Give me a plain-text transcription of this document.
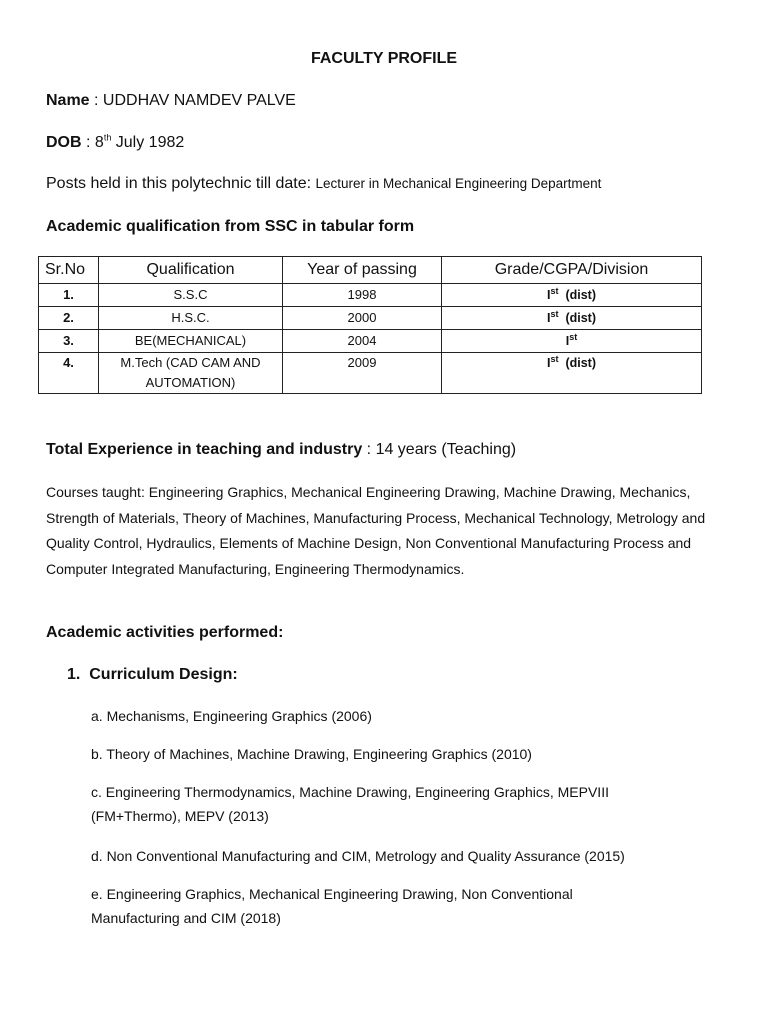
FACULTY PROFILE
Name : UDDHAV NAMDEV PALVE
DOB : 8th July 1982
Posts held in this polytechnic till date: Lecturer in Mechanical Engineering Department
Academic qualification from SSC in tabular form
Sr.No	Qualification	Year of passing	Grade/CGPA/Division
1.	S.S.C	1998	Ist  (dist)
2.	H.S.C.	2000	Ist  (dist)
3.	BE(MECHANICAL)	2004	Ist
4.	M.Tech (CAD CAM AND AUTOMATION)	2009	Ist  (dist)
Total Experience in teaching and industry : 14 years (Teaching)
Courses taught: Engineering Graphics, Mechanical Engineering Drawing, Machine Drawing, Mechanics, Strength of Materials, Theory of Machines, Manufacturing Process, Mechanical Technology, Metrology and Quality Control, Hydraulics, Elements of Machine Design, Non Conventional Manufacturing Process and Computer Integrated Manufacturing, Engineering Thermodynamics.
Academic activities performed:
1.  Curriculum Design:
a. Mechanisms, Engineering Graphics (2006)
b. Theory of Machines, Machine Drawing, Engineering Graphics (2010)
c. Engineering Thermodynamics, Machine Drawing, Engineering Graphics, MEPVIII (FM+Thermo), MEPV (2013)
d. Non Conventional Manufacturing and CIM, Metrology and Quality Assurance (2015)
e. Engineering Graphics, Mechanical Engineering Drawing, Non Conventional Manufacturing and CIM (2018)
